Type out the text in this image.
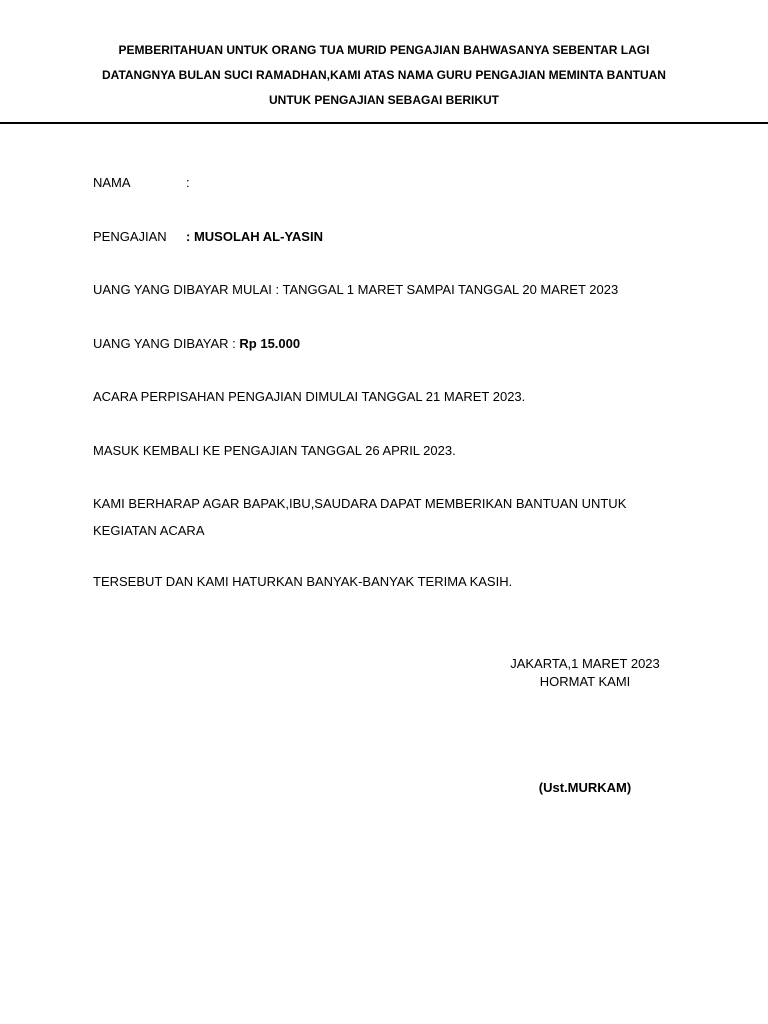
PEMBERITAHUAN UNTUK ORANG TUA MURID PENGAJIAN BAHWASANYA SEBENTAR LAGI
DATANGNYA BULAN SUCI RAMADHAN,KAMI ATAS NAMA GURU PENGAJIAN MEMINTA BANTUAN
UNTUK PENGAJIAN SEBAGAI BERIKUT
NAMA	:
PENGAJIAN : MUSOLAH AL-YASIN
UANG YANG DIBAYAR MULAI : TANGGAL 1 MARET SAMPAI TANGGAL 20 MARET 2023
UANG YANG DIBAYAR : Rp 15.000
ACARA PERPISAHAN PENGAJIAN DIMULAI TANGGAL 21 MARET 2023.
MASUK KEMBALI KE PENGAJIAN TANGGAL 26 APRIL 2023.
KAMI BERHARAP AGAR BAPAK,IBU,SAUDARA DAPAT MEMBERIKAN BANTUAN UNTUK
KEGIATAN ACARA
TERSEBUT DAN KAMI HATURKAN BANYAK-BANYAK TERIMA KASIH.
JAKARTA,1 MARET 2023
HORMAT KAMI
(Ust.MURKAM)
